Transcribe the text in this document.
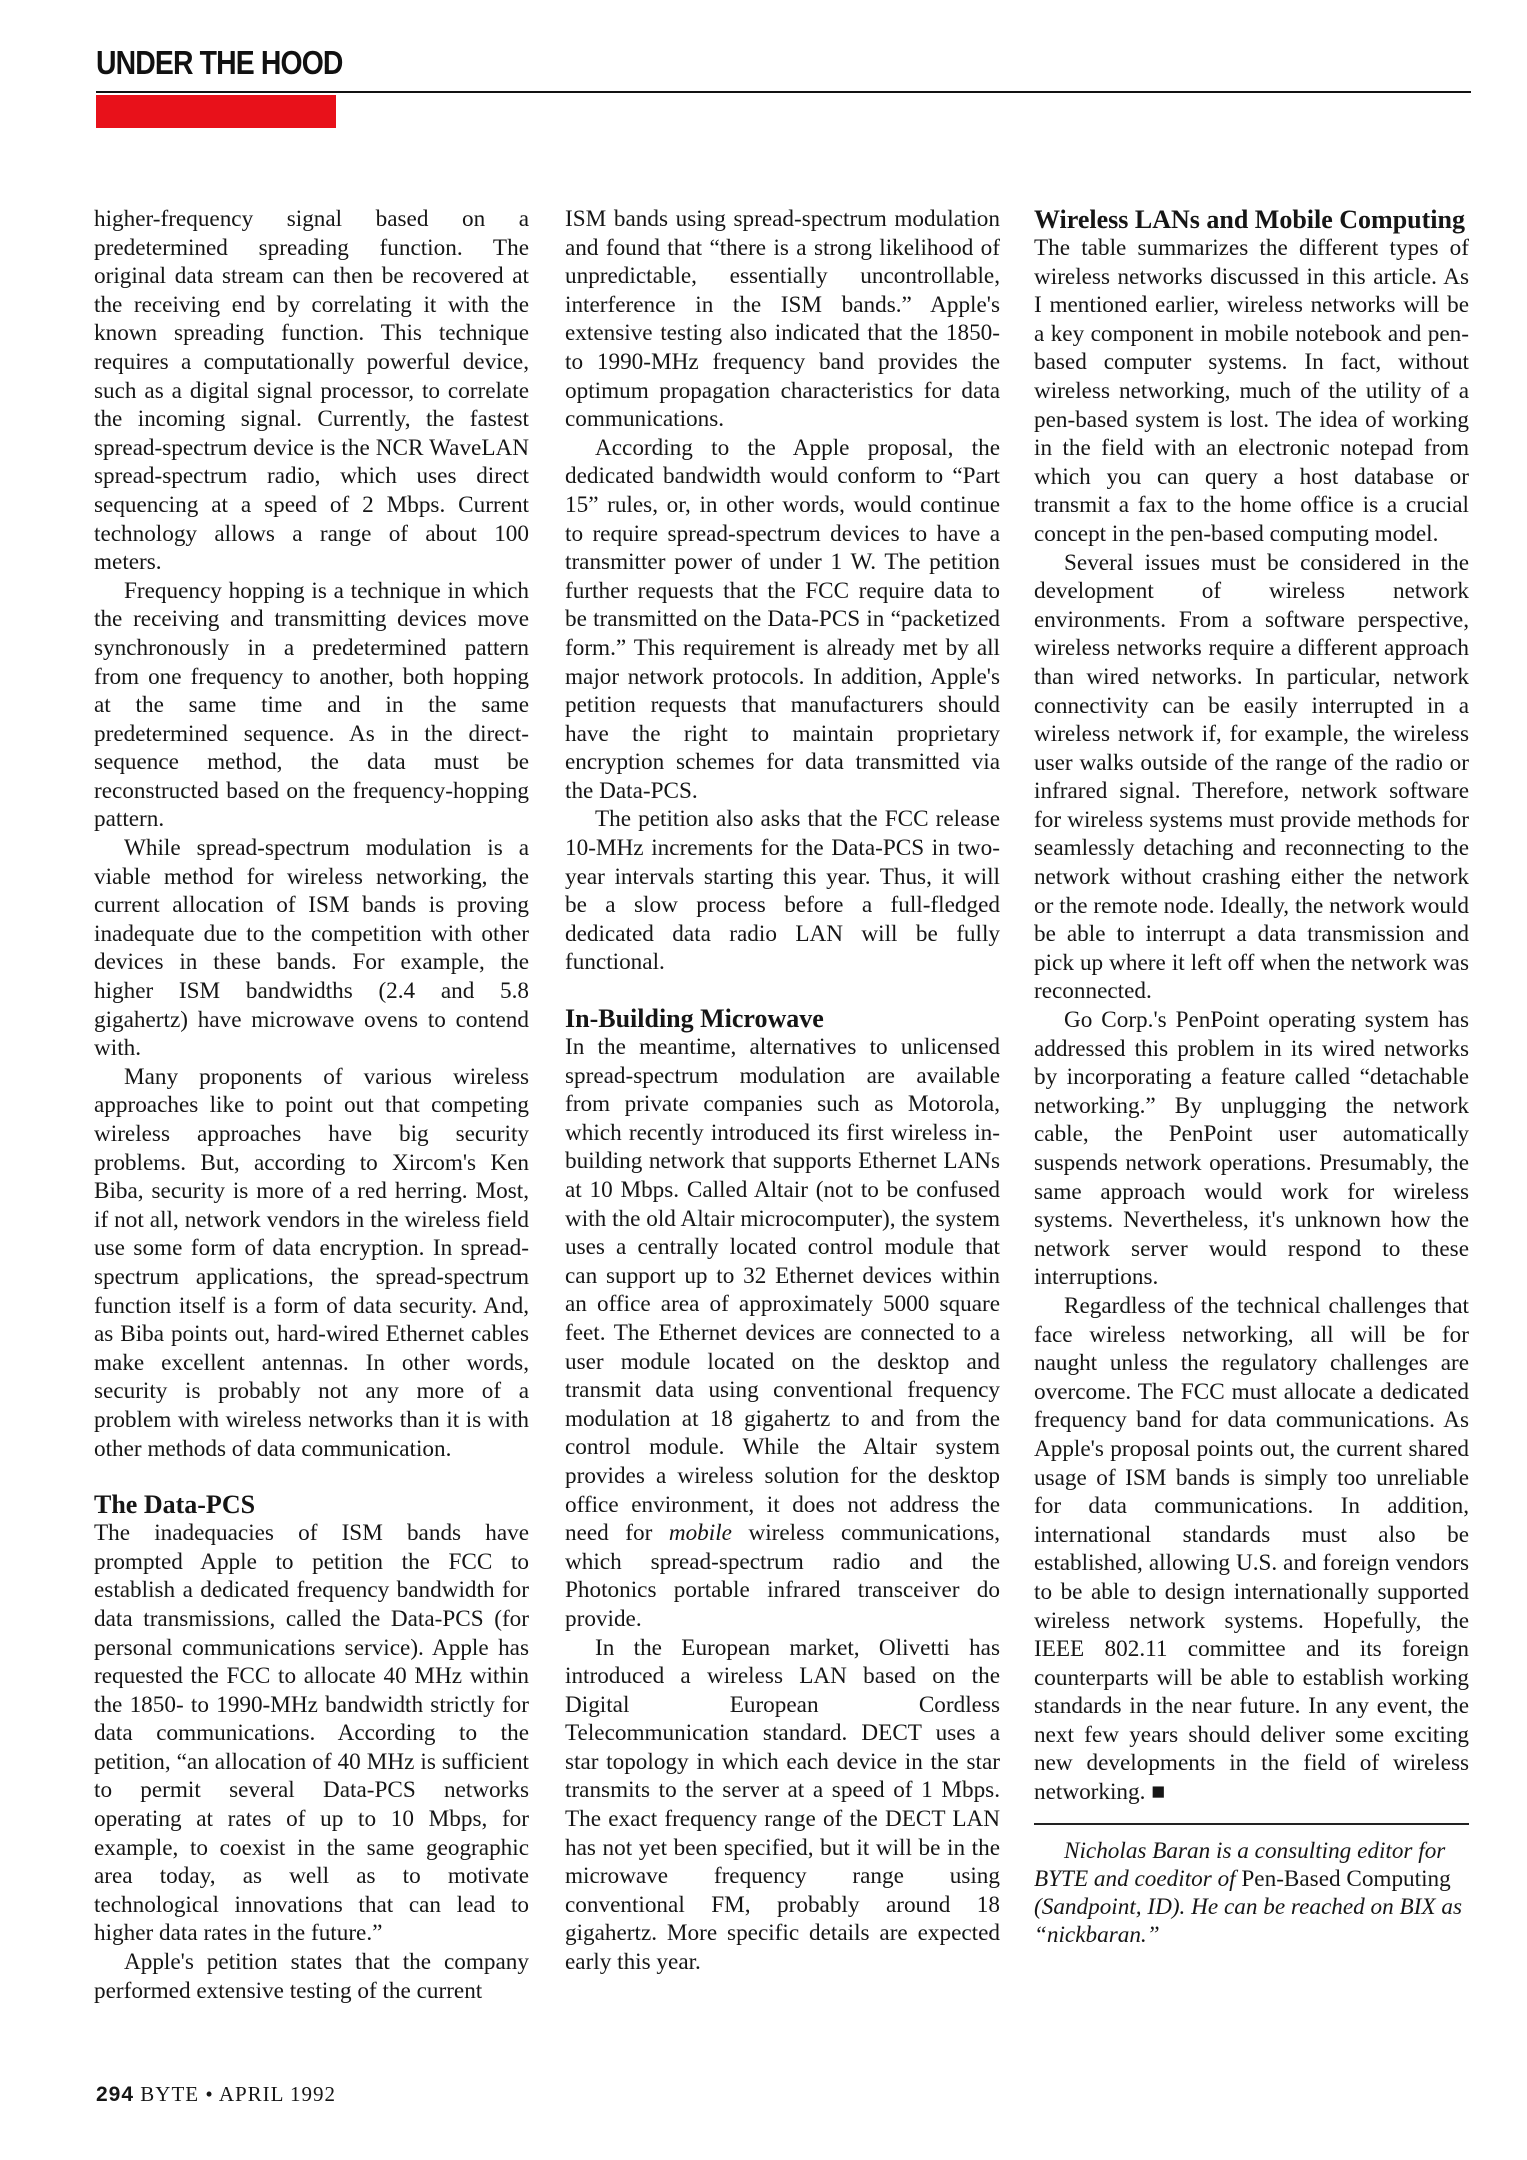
UNDER THE HOOD

higher-frequency signal based on a predetermined spreading function. The original data stream can then be recovered at the receiving end by correlating it with the known spreading function. This technique requires a computationally powerful device, such as a digital signal processor, to correlate the incoming signal. Currently, the fastest spread-spectrum device is the NCR WaveLAN spread-spectrum radio, which uses direct sequencing at a speed of 2 Mbps. Current technology allows a range of about 100 meters.

Frequency hopping is a technique in which the receiving and transmitting devices move synchronously in a predetermined pattern from one frequency to another, both hopping at the same time and in the same predetermined sequence. As in the direct-sequence method, the data must be reconstructed based on the frequency-hopping pattern.

While spread-spectrum modulation is a viable method for wireless networking, the current allocation of ISM bands is proving inadequate due to the competition with other devices in these bands. For example, the higher ISM bandwidths (2.4 and 5.8 gigahertz) have microwave ovens to contend with.

Many proponents of various wireless approaches like to point out that competing wireless approaches have big security problems. But, according to Xircom's Ken Biba, security is more of a red herring. Most, if not all, network vendors in the wireless field use some form of data encryption. In spread-spectrum applications, the spread-spectrum function itself is a form of data security. And, as Biba points out, hard-wired Ethernet cables make excellent antennas. In other words, security is probably not any more of a problem with wireless networks than it is with other methods of data communication.

The Data-PCS

The inadequacies of ISM bands have prompted Apple to petition the FCC to establish a dedicated frequency bandwidth for data transmissions, called the Data-PCS (for personal communications service). Apple has requested the FCC to allocate 40 MHz within the 1850- to 1990-MHz bandwidth strictly for data communications. According to the petition, “an allocation of 40 MHz is sufficient to permit several Data-PCS networks operating at rates of up to 10 Mbps, for example, to coexist in the same geographic area today, as well as to motivate technological innovations that can lead to higher data rates in the future.”

Apple's petition states that the company performed extensive testing of the current

ISM bands using spread-spectrum modulation and found that “there is a strong likelihood of unpredictable, essentially uncontrollable, interference in the ISM bands.” Apple's extensive testing also indicated that the 1850- to 1990-MHz frequency band provides the optimum propagation characteristics for data communications.

According to the Apple proposal, the dedicated bandwidth would conform to “Part 15” rules, or, in other words, would continue to require spread-spectrum devices to have a transmitter power of under 1 W. The petition further requests that the FCC require data to be transmitted on the Data-PCS in “packetized form.” This requirement is already met by all major network protocols. In addition, Apple's petition requests that manufacturers should have the right to maintain proprietary encryption schemes for data transmitted via the Data-PCS.

The petition also asks that the FCC release 10-MHz increments for the Data-PCS in two-year intervals starting this year. Thus, it will be a slow process before a full-fledged dedicated data radio LAN will be fully functional.

In-Building Microwave

In the meantime, alternatives to unlicensed spread-spectrum modulation are available from private companies such as Motorola, which recently introduced its first wireless in-building network that supports Ethernet LANs at 10 Mbps. Called Altair (not to be confused with the old Altair microcomputer), the system uses a centrally located control module that can support up to 32 Ethernet devices within an office area of approximately 5000 square feet. The Ethernet devices are connected to a user module located on the desktop and transmit data using conventional frequency modulation at 18 gigahertz to and from the control module. While the Altair system provides a wireless solution for the desktop office environment, it does not address the need for mobile wireless communications, which spread-spectrum radio and the Photonics portable infrared transceiver do provide.

In the European market, Olivetti has introduced a wireless LAN based on the Digital European Cordless Telecommunication standard. DECT uses a star topology in which each device in the star transmits to the server at a speed of 1 Mbps. The exact frequency range of the DECT LAN has not yet been specified, but it will be in the microwave frequency range using conventional FM, probably around 18 gigahertz. More specific details are expected early this year.

Wireless LANs and Mobile Computing

The table summarizes the different types of wireless networks discussed in this article. As I mentioned earlier, wireless networks will be a key component in mobile notebook and pen-based computer systems. In fact, without wireless networking, much of the utility of a pen-based system is lost. The idea of working in the field with an electronic notepad from which you can query a host database or transmit a fax to the home office is a crucial concept in the pen-based computing model.

Several issues must be considered in the development of wireless network environments. From a software perspective, wireless networks require a different approach than wired networks. In particular, network connectivity can be easily interrupted in a wireless network if, for example, the wireless user walks outside of the range of the radio or infrared signal. Therefore, network software for wireless systems must provide methods for seamlessly detaching and reconnecting to the network without crashing either the network or the remote node. Ideally, the network would be able to interrupt a data transmission and pick up where it left off when the network was reconnected.

Go Corp.'s PenPoint operating system has addressed this problem in its wired networks by incorporating a feature called “detachable networking.” By unplugging the network cable, the PenPoint user automatically suspends network operations. Presumably, the same approach would work for wireless systems. Nevertheless, it's unknown how the network server would respond to these interruptions.

Regardless of the technical challenges that face wireless networking, all will be for naught unless the regulatory challenges are overcome. The FCC must allocate a dedicated frequency band for data communications. As Apple's proposal points out, the current shared usage of ISM bands is simply too unreliable for data communications. In addition, international standards must also be established, allowing U.S. and foreign vendors to be able to design internationally supported wireless network systems. Hopefully, the IEEE 802.11 committee and its foreign counterparts will be able to establish working standards in the near future. In any event, the next few years should deliver some exciting new developments in the field of wireless networking. ■

Nicholas Baran is a consulting editor for BYTE and coeditor of Pen-Based Computing (Sandpoint, ID). He can be reached on BIX as “nickbaran.”

294 BYTE • APRIL 1992
